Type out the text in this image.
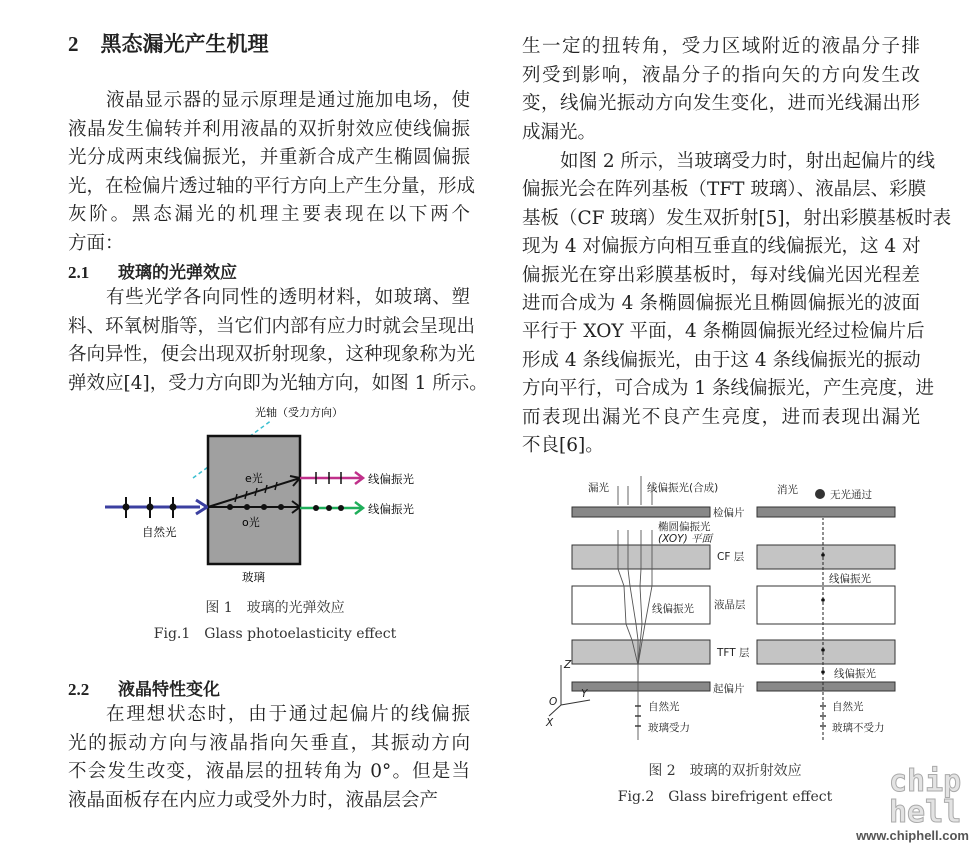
2 黑态漏光产生机理
液晶显示器的显示原理是通过施加电场，使
液晶发生偏转并利用液晶的双折射效应使线偏振
光分成两束线偏振光，并重新合成产生椭圆偏振
光，在检偏片透过轴的平行方向上产生分量，形成
灰阶。黑态漏光的机理主要表现在以下两个
方面：
2.1 玻璃的光弹效应
有些光学各向同性的透明材料，如玻璃、塑
料、环氧树脂等，当它们内部有应力时就会呈现出
各向异性，便会出现双折射现象，这种现象称为光
弹效应[4]，受力方向即为光轴方向，如图 1 所示。
光轴（受力方向）
e光
o光
自然光
玻璃
线偏振光
线偏振光
图 1　玻璃的光弹效应
Fig.1　Glass photoelasticity effect
2.2 液晶特性变化
在理想状态时，由于通过起偏片的线偏振
光的振动方向与液晶指向矢垂直，其振动方向
不会发生改变，液晶层的扭转角为 0°。但是当
液晶面板存在内应力或受外力时，液晶层会产
生一定的扭转角，受力区域附近的液晶分子排
列受到影响，液晶分子的指向矢的方向发生改
变，线偏光振动方向发生变化，进而光线漏出形
成漏光。
如图 2 所示，当玻璃受力时，射出起偏片的线
偏振光会在阵列基板（TFT 玻璃）、液晶层、彩膜
基板（CF 玻璃）发生双折射[5]，射出彩膜基板时表
现为 4 对偏振方向相互垂直的线偏振光，这 4 对
偏振光在穿出彩膜基板时，每对线偏光因光程差
进而合成为 4 条椭圆偏振光且椭圆偏振光的波面
平行于 XOY 平面，4 条椭圆偏振光经过检偏片后
形成 4 条线偏振光，由于这 4 条线偏振光的振动
方向平行，可合成为 1 条线偏振光，产生亮度，进
而表现出漏光不良产生亮度，进而表现出漏光
不良[6]。
漏光	线偏振光(合成)	消光	无光通过
检偏片
椭圆偏振光
(XOY) 平面
CF 层
液晶层
TFT 层
起偏片
线偏振光
线偏振光
线偏振光
自然光	自然光
玻璃受力	玻璃不受力
Z
Y
O
X
图 2　玻璃的双折射效应
Fig.2　Glass birefrigent effect	chip hell
www.chiphell.com
